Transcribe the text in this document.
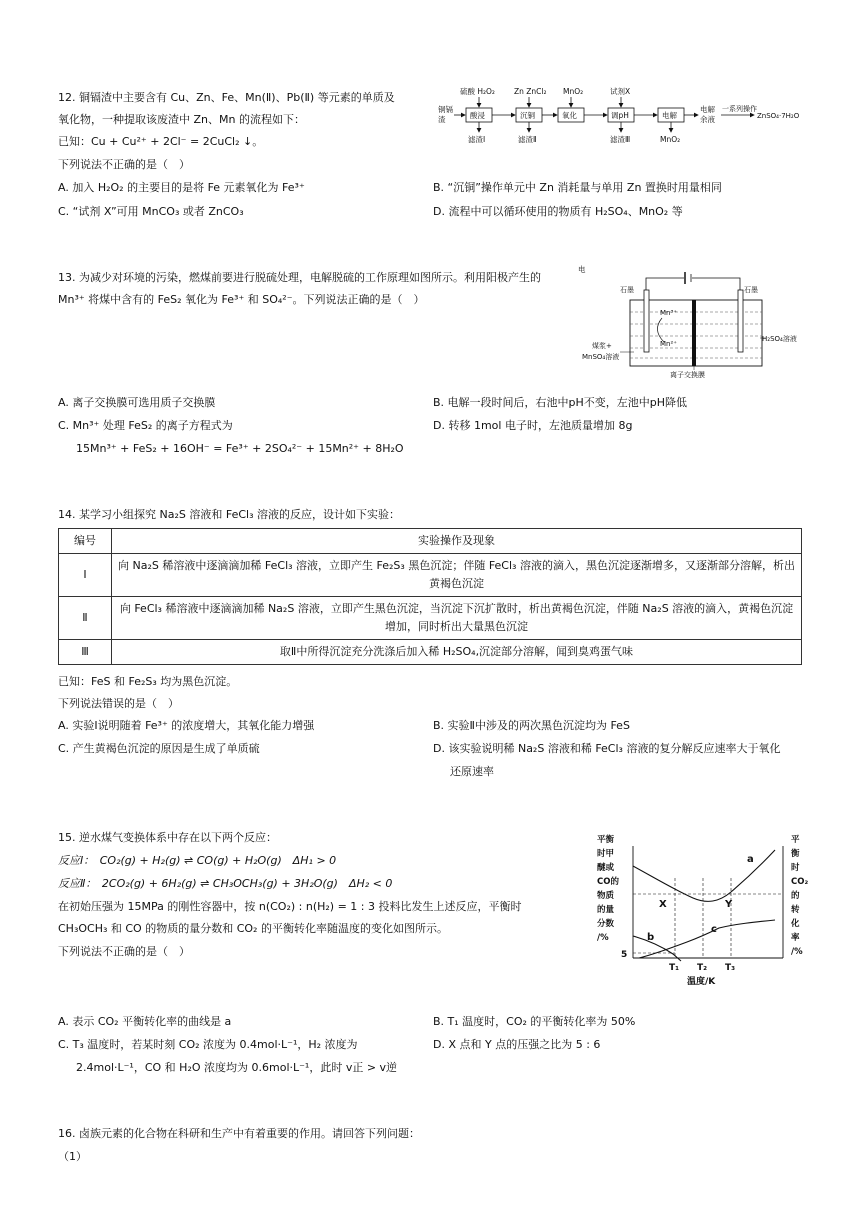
12. 铜镉渣中主要含有 Cu、Zn、Fe、Mn(Ⅱ)、Pb(Ⅱ) 等元素的单质及
氧化物，一种提取该废渣中 Zn、Mn 的流程如下：
已知：Cu + Cu²⁺ + 2Cl⁻ = 2CuCl₂ ↓。
下列说法不正确的是（　）
A. 加入 H₂O₂ 的主要目的是将 Fe 元素氧化为 Fe³⁺	B. “沉铜”操作单元中 Zn 消耗量与单用 Zn 置换时用量相同
C. “试剂 X”可用 MnCO₃ 或者 ZnCO₃	D. 流程中可以循环使用的物质有 H₂SO₄、MnO₂ 等
铜镉
渣
硫酸 H₂O₂	Zn ZnCl₂ MnO₂	试剂X
酸浸	沉铜	氧化	调pH	电解
滤渣Ⅰ	滤渣Ⅱ	滤渣Ⅲ	MnO₂
电解
余液
一系列操作
ZnSO₄·7H₂O
13. 为减少对环境的污染，燃煤前要进行脱硫处理，电解脱硫的工作原理如图所示。利用阳极产生的
Mn³⁺ 将煤中含有的 FeS₂ 氧化为 Fe³⁺ 和 SO₄²⁻。下列说法正确的是（　）
电
石墨	石墨
Mn³⁺
Mn²⁺
煤浆+
MnSO₄溶液
H₂SO₄溶液
离子交换膜
A. 离子交换膜可选用质子交换膜	B. 电解一段时间后，右池中pH不变，左池中pH降低
C. Mn³⁺ 处理 FeS₂ 的离子方程式为
15Mn³⁺ + FeS₂ + 16OH⁻ = Fe³⁺ + 2SO₄²⁻ + 15Mn²⁺ + 8H₂O
D. 转移 1mol 电子时，左池质量增加 8g
14. 某学习小组探究 Na₂S 溶液和 FeCl₃ 溶液的反应，设计如下实验：
编号	实验操作及现象
Ⅰ	向 Na₂S 稀溶液中逐滴滴加稀 FeCl₃ 溶液，立即产生 Fe₂S₃ 黑色沉淀；伴随 FeCl₃ 溶液的滴入，黑色沉淀逐渐增多，又逐渐部分溶解，析出黄褐色沉淀
Ⅱ	向 FeCl₃ 稀溶液中逐滴滴加稀 Na₂S 溶液，立即产生黑色沉淀，当沉淀下沉扩散时，析出黄褐色沉淀，伴随 Na₂S 溶液的滴入，黄褐色沉淀增加，同时析出大量黑色沉淀
Ⅲ	取Ⅱ中所得沉淀充分洗涤后加入稀 H₂SO₄,沉淀部分溶解，闻到臭鸡蛋气味
已知：FeS 和 Fe₂S₃ 均为黑色沉淀。
下列说法错误的是（　）
A. 实验Ⅰ说明随着 Fe³⁺ 的浓度增大，其氧化能力增强	B. 实验Ⅱ中涉及的两次黑色沉淀均为 FeS
C. 产生黄褐色沉淀的原因是生成了单质硫	D. 该实验说明稀 Na₂S 溶液和稀 FeCl₃ 溶液的复分解反应速率大于氧化
还原速率
15. 逆水煤气变换体系中存在以下两个反应：
反应Ⅰ：　CO₂(g) + H₂(g) ⇌ CO(g) + H₂O(g)　ΔH₁ > 0
反应Ⅱ：　2CO₂(g) + 6H₂(g) ⇌ CH₃OCH₃(g) + 3H₂O(g)　ΔH₂ < 0
在初始压强为 15MPa 的刚性容器中，按 n(CO₂) : n(H₂) = 1 : 3 投料比发生上述反应，平衡时
CH₃OCH₃ 和 CO 的物质的量分数和 CO₂ 的平衡转化率随温度的变化如图所示。
下列说法不正确的是（　）
平衡
时甲
醚或
CO的
物质
的量
分数
/%
平
衡
时
CO₂
的
转
化
率
/%
a
b
c
X	Y
5
T₁ T₂ T₃
温度/K
A. 表示 CO₂ 平衡转化率的曲线是 a	B. T₁ 温度时，CO₂ 的平衡转化率为 50%
C. T₃ 温度时，若某时刻 CO₂ 浓度为 0.4mol·L⁻¹，H₂ 浓度为
2.4mol·L⁻¹，CO 和 H₂O 浓度均为 0.6mol·L⁻¹，此时 v正 > v逆
D. X 点和 Y 点的压强之比为 5 : 6
16. 卤族元素的化合物在科研和生产中有着重要的作用。请回答下列问题：
（1）
